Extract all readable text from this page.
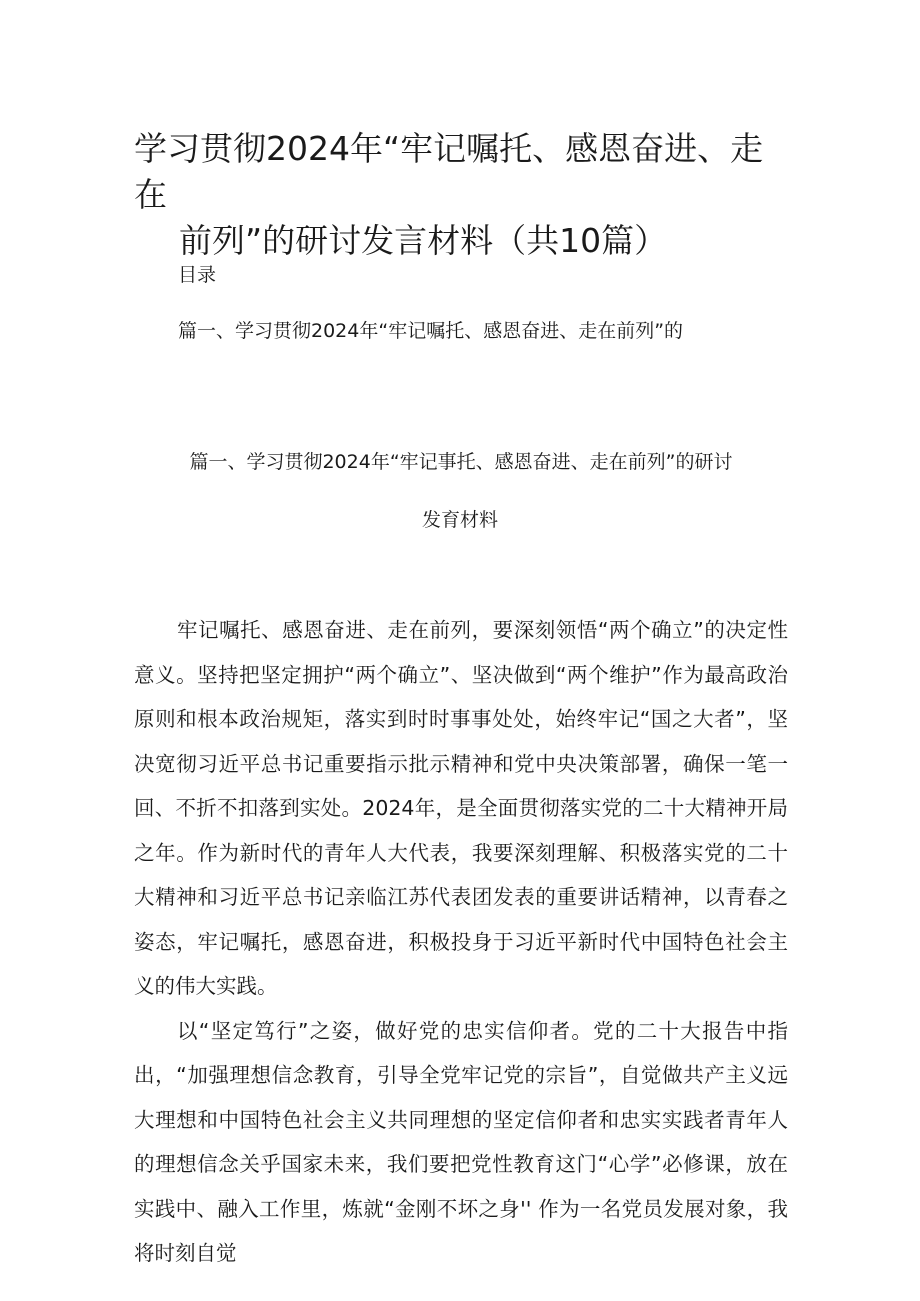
学习贯彻2024年“牢记嘱托、感恩奋进、走在
前列”的研讨发言材料（共10篇）
目录
篇一、学习贯彻2024年“牢记嘱托、感恩奋进、走在前列”的
篇一、学习贯彻2024年“牢记事托、感恩奋进、走在前列”的研讨
发育材料

牢记嘱托、感恩奋进、走在前列，要深刻领悟“两个确立”的决定性意义。坚持把坚定拥护“两个确立”、坚决做到“两个维护”作为最高政治原则和根本政治规矩，落实到时时事事处处，始终牢记“国之大者”，坚决宽彻习近平总书记重要指示批示精神和党中央决策部署，确保一笔一回、不折不扣落到实处。2024年，是全面贯彻落实党的二十大精神开局之年。作为新时代的青年人大代表，我要深刻理解、积极落实党的二十大精神和习近平总书记亲临江苏代表团发表的重要讲话精神，以青春之姿态，牢记嘱托，感恩奋进，积极投身于习近平新时代中国特色社会主义的伟大实践。

以“坚定笃行”之姿，做好党的忠实信仰者。党的二十大报告中指出，“加强理想信念教育，引导全党牢记党的宗旨”，自觉做共产主义远大理想和中国特色社会主义共同理想的坚定信仰者和忠实实践者青年人的理想信念关乎国家未来，我们要把党性教育这门“心学”必修课，放在实践中、融入工作里，炼就“金刚不坏之身'' 作为一名党员发展对象，我将时刻自觉
